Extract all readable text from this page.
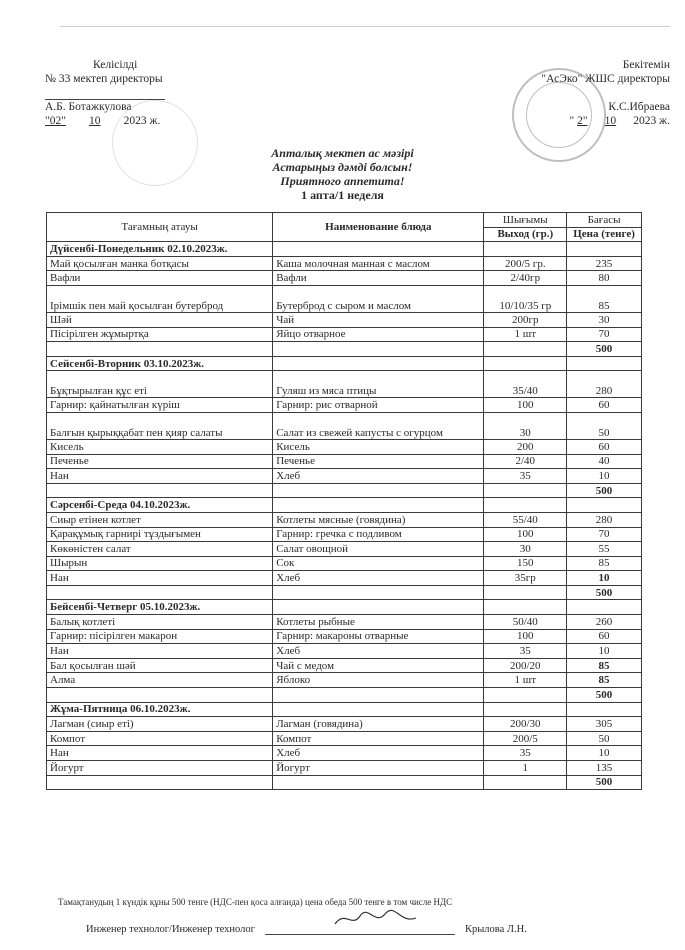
Келісілді
№ 33 мектеп директоры
А.Б. Ботажкулова
"02" 10 2023 ж.
Бекітемін
"АсЭко" ЖШС директоры
К.С.Ибраева
" 2" 10 2023 ж.
Апталық мектеп ас мәзірі
Астарыңыз дәмді болсын!
Приятного аппетита!
1 апта/1 неделя
Тағамның атауы	Наименование блюда	Шығымы	Бағасы
		Выход (гр.)	Цена (тенге)
Дүйсенбі-Понедельник 02.10.2023ж.			
Май қосылған манка ботқасы	Каша молочная манная с маслом	200/5 гр.	235
Вафли	Вафли	2/40гр	80
Ірімшік пен май қосылған бутерброд	Бутерброд с сыром и маслом	10/10/35 гр	85
Шәй	Чай	200гр	30
Пісірілген жұмыртқа	Яйцо отварное	1 шт	70
			500
Сейсенбі-Вторник 03.10.2023ж.			
Бұқтырылған құс еті	Гуляш из мяса птицы	35/40	280
Гарнир: қайнатылған күріш	Гарнир: рис отварной	100	60
Балғын қырыққабат пен қияр салаты	Салат из свежей капусты с огурцом	30	50
Кисель	Кисель	200	60
Печенье	Печенье	2/40	40
Нан	Хлеб	35	10
			500
Сәрсенбі-Среда 04.10.2023ж.			
Сиыр етінен котлет	Котлеты мясные (говядина)	55/40	280
Қарақұмық гарнирі тұздығымен	Гарнир: гречка с подливом	100	70
Көкөністен салат	Салат овощной	30	55
Шырын	Сок	150	85
Нан	Хлеб	35гр	10
			500
Бейсенбі-Четверг 05.10.2023ж.			
Балық котлеті	Котлеты рыбные	50/40	260
Гарнир: пісірілген макарон	Гарнир: макароны отварные	100	60
Нан	Хлеб	35	10
Бал қосылған шәй	Чай с медом	200/20	85
Алма	Яблоко	1 шт	85
			500
Жұма-Пятница 06.10.2023ж.			
Лагман (сиыр еті)	Лагман (говядина)	200/30	305
Компот	Компот	200/5	50
Нан	Хлеб	35	10
Йогурт	Йогурт	1	135
			500
Тамақтанудың 1 күндік құны 500 тенге (НДС-пен қоса алғанда) цена обеда 500 тенге в том числе НДС
Инженер технолог/Инженер технолог	Крылова Л.Н.
